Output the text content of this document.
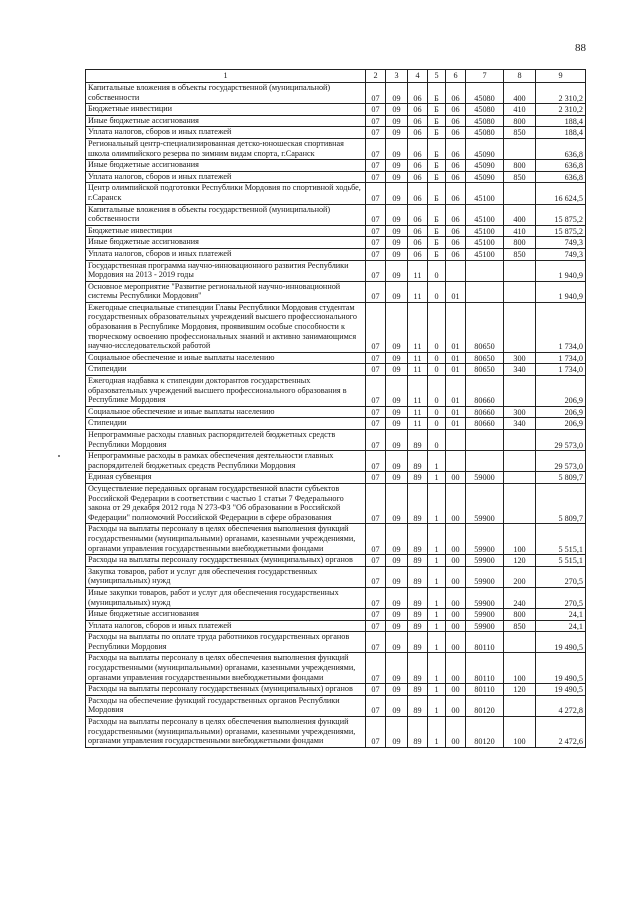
88
1	2	3	4	5	6	7	8	9
Капитальные вложения в объекты государственной (муниципальной) собственности	07	09	06	Б	06	45080	400	2 310,2
Бюджетные инвестиции	07	09	06	Б	06	45080	410	2 310,2
Иные бюджетные ассигнования	07	09	06	Б	06	45080	800	188,4
Уплата налогов, сборов и иных платежей	07	09	06	Б	06	45080	850	188,4
Региональный центр-специализированная детско-юношеская спортивная школа олимпийского резерва по зимним видам спорта, г.Саранск	07	09	06	Б	06	45090		636,8
Иные бюджетные ассигнования	07	09	06	Б	06	45090	800	636,8
Уплата налогов, сборов и иных платежей	07	09	06	Б	06	45090	850	636,8
Центр олимпийской подготовки Республики Мордовия по спортивной ходьбе, г.Саранск	07	09	06	Б	06	45100		16 624,5
Капитальные вложения в объекты государственной (муниципальной) собственности	07	09	06	Б	06	45100	400	15 875,2
Бюджетные инвестиции	07	09	06	Б	06	45100	410	15 875,2
Иные бюджетные ассигнования	07	09	06	Б	06	45100	800	749,3
Уплата налогов, сборов и иных платежей	07	09	06	Б	06	45100	850	749,3
Государственная программа научно-инновационного развития Республики Мордовия на 2013 - 2019 годы	07	09	11	0				1 940,9
Основное мероприятие "Развитие региональной научно-инновационной системы Республики Мордовия"	07	09	11	0	01			1 940,9
Ежегодные специальные стипендии Главы Республики Мордовия студентам государственных образовательных учреждений высшего профессионального образования в Республике Мордовия, проявившим особые способности к творческому освоению профессиональных знаний и активно занимающимся научно-исследовательской работой	07	09	11	0	01	80650		1 734,0
Социальное обеспечение и иные выплаты населению	07	09	11	0	01	80650	300	1 734,0
Стипендии	07	09	11	0	01	80650	340	1 734,0
Ежегодная надбавка к стипендии докторантов государственных образовательных учреждений высшего профессионального образования в Республике Мордовия	07	09	11	0	01	80660		206,9
Социальное обеспечение и иные выплаты населению	07	09	11	0	01	80660	300	206,9
Стипендии	07	09	11	0	01	80660	340	206,9
Непрограммные расходы главных распорядителей бюджетных средств Республики Мордовия	07	09	89	0				29 573,0
Непрограммные расходы в рамках обеспечения деятельности главных распорядителей бюджетных средств Республики Мордовия	07	09	89	1				29 573,0
Единая субвенция	07	09	89	1	00	59000		5 809,7
Осуществление переданных органам государственной власти субъектов Российской Федерации в соответствии с частью 1 статьи 7 Федерального закона от 29 декабря 2012 года N 273-ФЗ "Об образовании в Российской Федерации" полномочий Российской Федерации в сфере образования	07	09	89	1	00	59900		5 809,7
Расходы на выплаты персоналу в целях обеспечения выполнения функций государственными (муниципальными) органами, казенными учреждениями, органами управления государственными внебюджетными фондами	07	09	89	1	00	59900	100	5 515,1
Расходы на выплаты персоналу государственных (муниципальных) органов	07	09	89	1	00	59900	120	5 515,1
Закупка товаров, работ и услуг для обеспечения государственных (муниципальных) нужд	07	09	89	1	00	59900	200	270,5
Иные закупки товаров, работ и услуг для обеспечения государственных (муниципальных) нужд	07	09	89	1	00	59900	240	270,5
Иные бюджетные ассигнования	07	09	89	1	00	59900	800	24,1
Уплата налогов, сборов и иных платежей	07	09	89	1	00	59900	850	24,1
Расходы на выплаты по оплате труда работников государственных органов Республики Мордовия	07	09	89	1	00	80110		19 490,5
Расходы на выплаты персоналу в целях обеспечения выполнения функций государственными (муниципальными) органами, казенными учреждениями, органами управления государственными внебюджетными фондами	07	09	89	1	00	80110	100	19 490,5
Расходы на выплаты персоналу государственных (муниципальных) органов	07	09	89	1	00	80110	120	19 490,5
Расходы на обеспечение функций государственных органов Республики Мордовия	07	09	89	1	00	80120		4 272,8
Расходы на выплаты персоналу в целях обеспечения выполнения функций государственными (муниципальными) органами, казенными учреждениями, органами управления государственными внебюджетными фондами	07	09	89	1	00	80120	100	2 472,6
